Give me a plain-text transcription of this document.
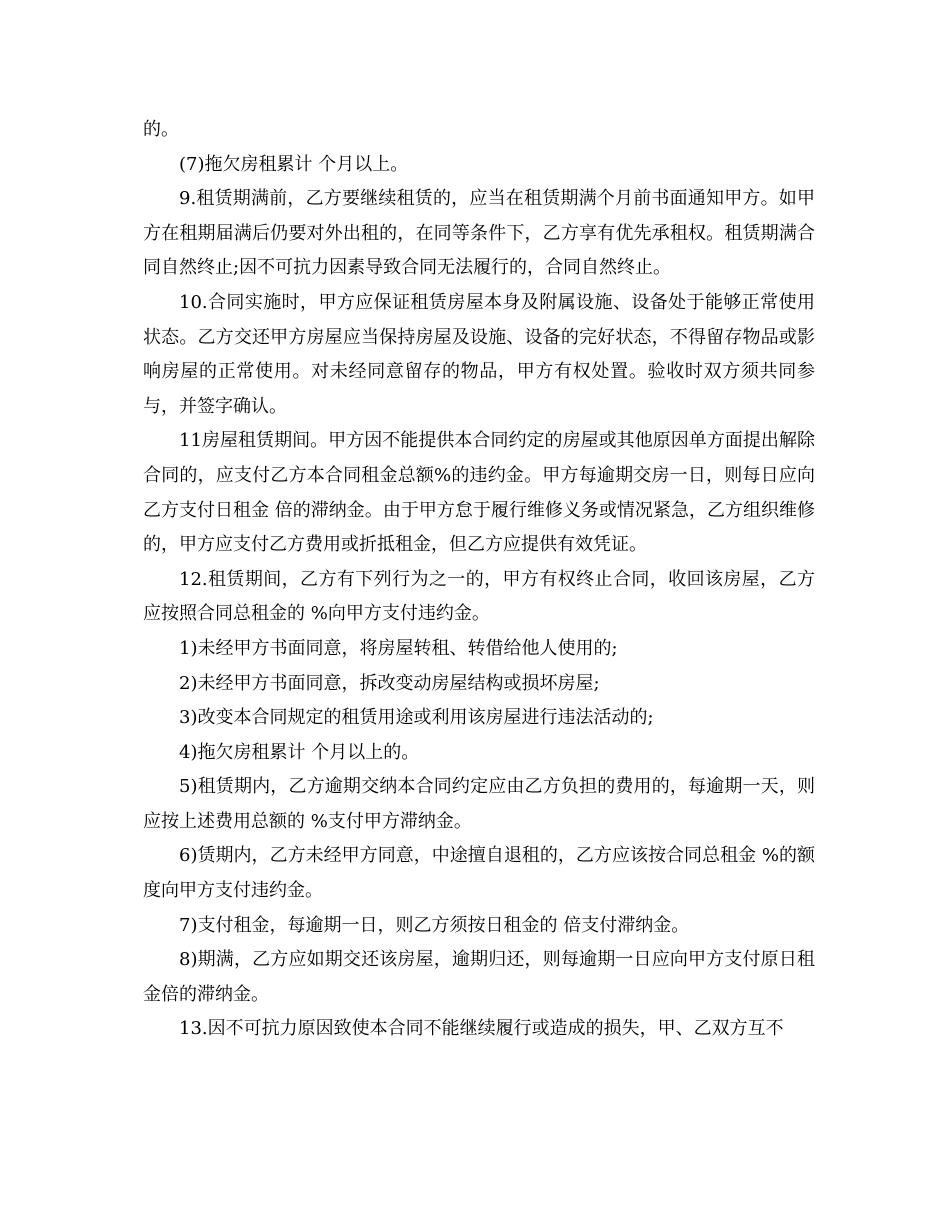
的。

(7)拖欠房租累计 个月以上。

9.租赁期满前，乙方要继续租赁的，应当在租赁期满个月前书面通知甲方。如甲方在租期届满后仍要对外出租的，在同等条件下，乙方享有优先承租权。租赁期满合同自然终止;因不可抗力因素导致合同无法履行的，合同自然终止。

10.合同实施时，甲方应保证租赁房屋本身及附属设施、设备处于能够正常使用状态。乙方交还甲方房屋应当保持房屋及设施、设备的完好状态，不得留存物品或影响房屋的正常使用。对未经同意留存的物品，甲方有权处置。验收时双方须共同参与，并签字确认。

11房屋租赁期间。甲方因不能提供本合同约定的房屋或其他原因单方面提出解除合同的，应支付乙方本合同租金总额%的违约金。甲方每逾期交房一日，则每日应向乙方支付日租金 倍的滞纳金。由于甲方怠于履行维修义务或情况紧急，乙方组织维修的，甲方应支付乙方费用或折抵租金，但乙方应提供有效凭证。

12.租赁期间，乙方有下列行为之一的，甲方有权终止合同，收回该房屋，乙方应按照合同总租金的 %向甲方支付违约金。

1)未经甲方书面同意，将房屋转租、转借给他人使用的;

2)未经甲方书面同意，拆改变动房屋结构或损坏房屋;

3)改变本合同规定的租赁用途或利用该房屋进行违法活动的;

4)拖欠房租累计 个月以上的。

5)租赁期内，乙方逾期交纳本合同约定应由乙方负担的费用的，每逾期一天，则应按上述费用总额的 %支付甲方滞纳金。

6)赁期内，乙方未经甲方同意，中途擅自退租的，乙方应该按合同总租金 %的额度向甲方支付违约金。

7)支付租金，每逾期一日，则乙方须按日租金的 倍支付滞纳金。

8)期满，乙方应如期交还该房屋，逾期归还，则每逾期一日应向甲方支付原日租金倍的滞纳金。

13.因不可抗力原因致使本合同不能继续履行或造成的损失，甲、乙双方互不
